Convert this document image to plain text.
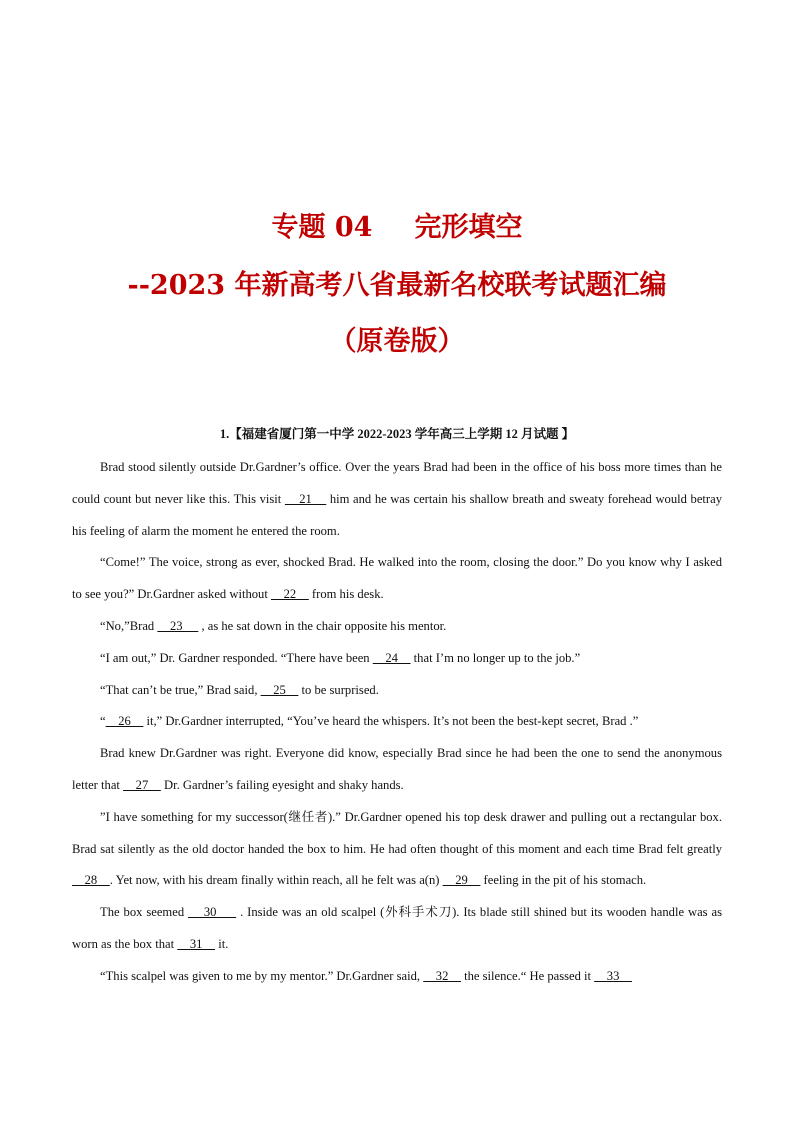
专题 04 完形填空
--2023 年新高考八省最新名校联考试题汇编
（原卷版）
1.【福建省厦门第一中学 2022-2023 学年高三上学期 12 月试题 】

Brad stood silently outside Dr.Gardner’s office. Over the years Brad had been in the office of his boss more times than he could count but never like this. This visit     21     him and he was certain his shallow breath and sweaty forehead would betray his feeling of alarm the moment he entered the room.

“Come!” The voice, strong as ever, shocked Brad. He walked into the room, closing the door.” Do you know why I asked to see you?” Dr.Gardner asked without     22     from his desk.

“No,”Brad     23      , as he sat down in the chair opposite his mentor.

“I am out,” Dr. Gardner responded. “There have been     24     that I’m no longer up to the job.”

“That can’t be true,” Brad said,     25     to be surprised.

“    26     it,” Dr.Gardner interrupted, “You’ve heard the whispers. It’s not been the best-kept secret, Brad .”

Brad knew Dr.Gardner was right. Everyone did know, especially Brad since he had been the one to send the anonymous letter that     27     Dr. Gardner’s failing eyesight and shaky hands.

”I have something for my successor(继任者).” Dr.Gardner opened his top desk drawer and pulling out a rectangular box. Brad sat silently as the old doctor handed the box to him. He had often thought of this moment and each time Brad felt greatly     28    . Yet now, with his dream finally within reach, all he felt was a(n)     29     feeling in the pit of his stomach.

The box seemed     30      . Inside was an old scalpel (外科手术刀). Its blade still shined but its wooden handle was as worn as the box that     31     it.

“This scalpel was given to me by my mentor.” Dr.Gardner said,     32     the silence.“ He passed it     33
